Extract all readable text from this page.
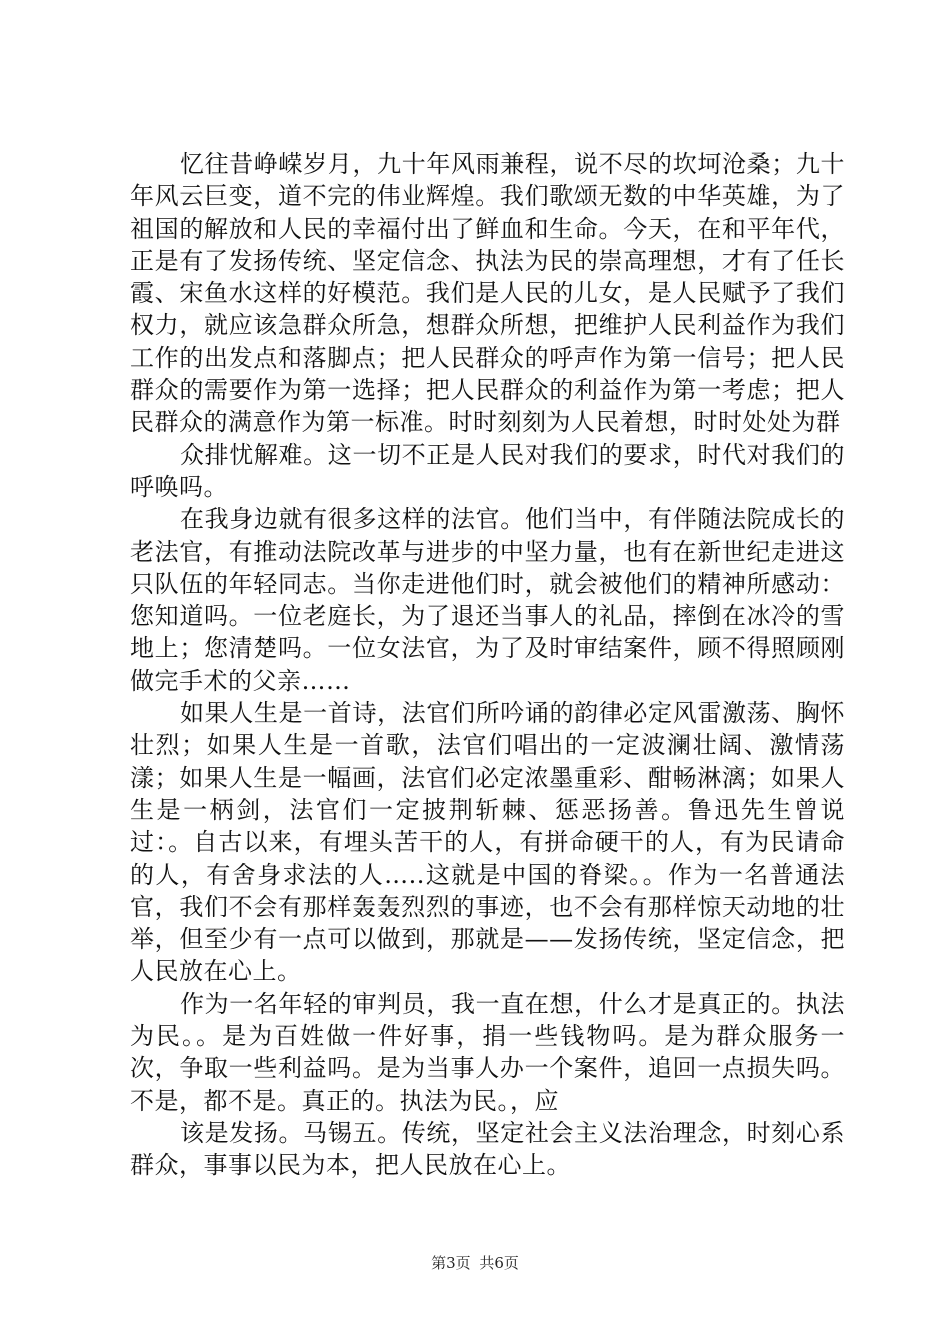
忆往昔峥嵘岁月，九十年风雨兼程，说不尽的坎坷沧桑；九十年风云巨变，道不完的伟业辉煌。我们歌颂无数的中华英雄，为了祖国的解放和人民的幸福付出了鲜血和生命。今天，在和平年代，正是有了发扬传统、坚定信念、执法为民的崇高理想，才有了任长霞、宋鱼水这样的好模范。我们是人民的儿女，是人民赋予了我们权力，就应该急群众所急，想群众所想，把维护人民利益作为我们工作的出发点和落脚点；把人民群众的呼声作为第一信号；把人民群众的需要作为第一选择；把人民群众的利益作为第一考虑；把人民群众的满意作为第一标准。时时刻刻为人民着想，时时处处为群

众排忧解难。这一切不正是人民对我们的要求，时代对我们的呼唤吗。

在我身边就有很多这样的法官。他们当中，有伴随法院成长的老法官，有推动法院改革与进步的中坚力量，也有在新世纪走进这只队伍的年轻同志。当你走进他们时，就会被他们的精神所感动：您知道吗。一位老庭长，为了退还当事人的礼品，摔倒在冰冷的雪地上；您清楚吗。一位女法官，为了及时审结案件，顾不得照顾刚做完手术的父亲……

如果人生是一首诗，法官们所吟诵的韵律必定风雷激荡、胸怀壮烈；如果人生是一首歌，法官们唱出的一定波澜壮阔、激情荡漾；如果人生是一幅画，法官们必定浓墨重彩、酣畅淋漓；如果人生是一柄剑，法官们一定披荆斩棘、惩恶扬善。鲁迅先生曾说过：。自古以来，有埋头苦干的人，有拼命硬干的人，有为民请命的人，有舍身求法的人…..这就是中国的脊梁。。作为一名普通法官，我们不会有那样轰轰烈烈的事迹，也不会有那样惊天动地的壮举，但至少有一点可以做到，那就是——发扬传统，坚定信念，把人民放在心上。

作为一名年轻的审判员，我一直在想，什么才是真正的。执法为民。。是为百姓做一件好事，捐一些钱物吗。是为群众服务一次，争取一些利益吗。是为当事人办一个案件，追回一点损失吗。不是，都不是。真正的。执法为民。，应

该是发扬。马锡五。传统，坚定社会主义法治理念，时刻心系群众，事事以民为本，把人民放在心上。

第3页 共6页
